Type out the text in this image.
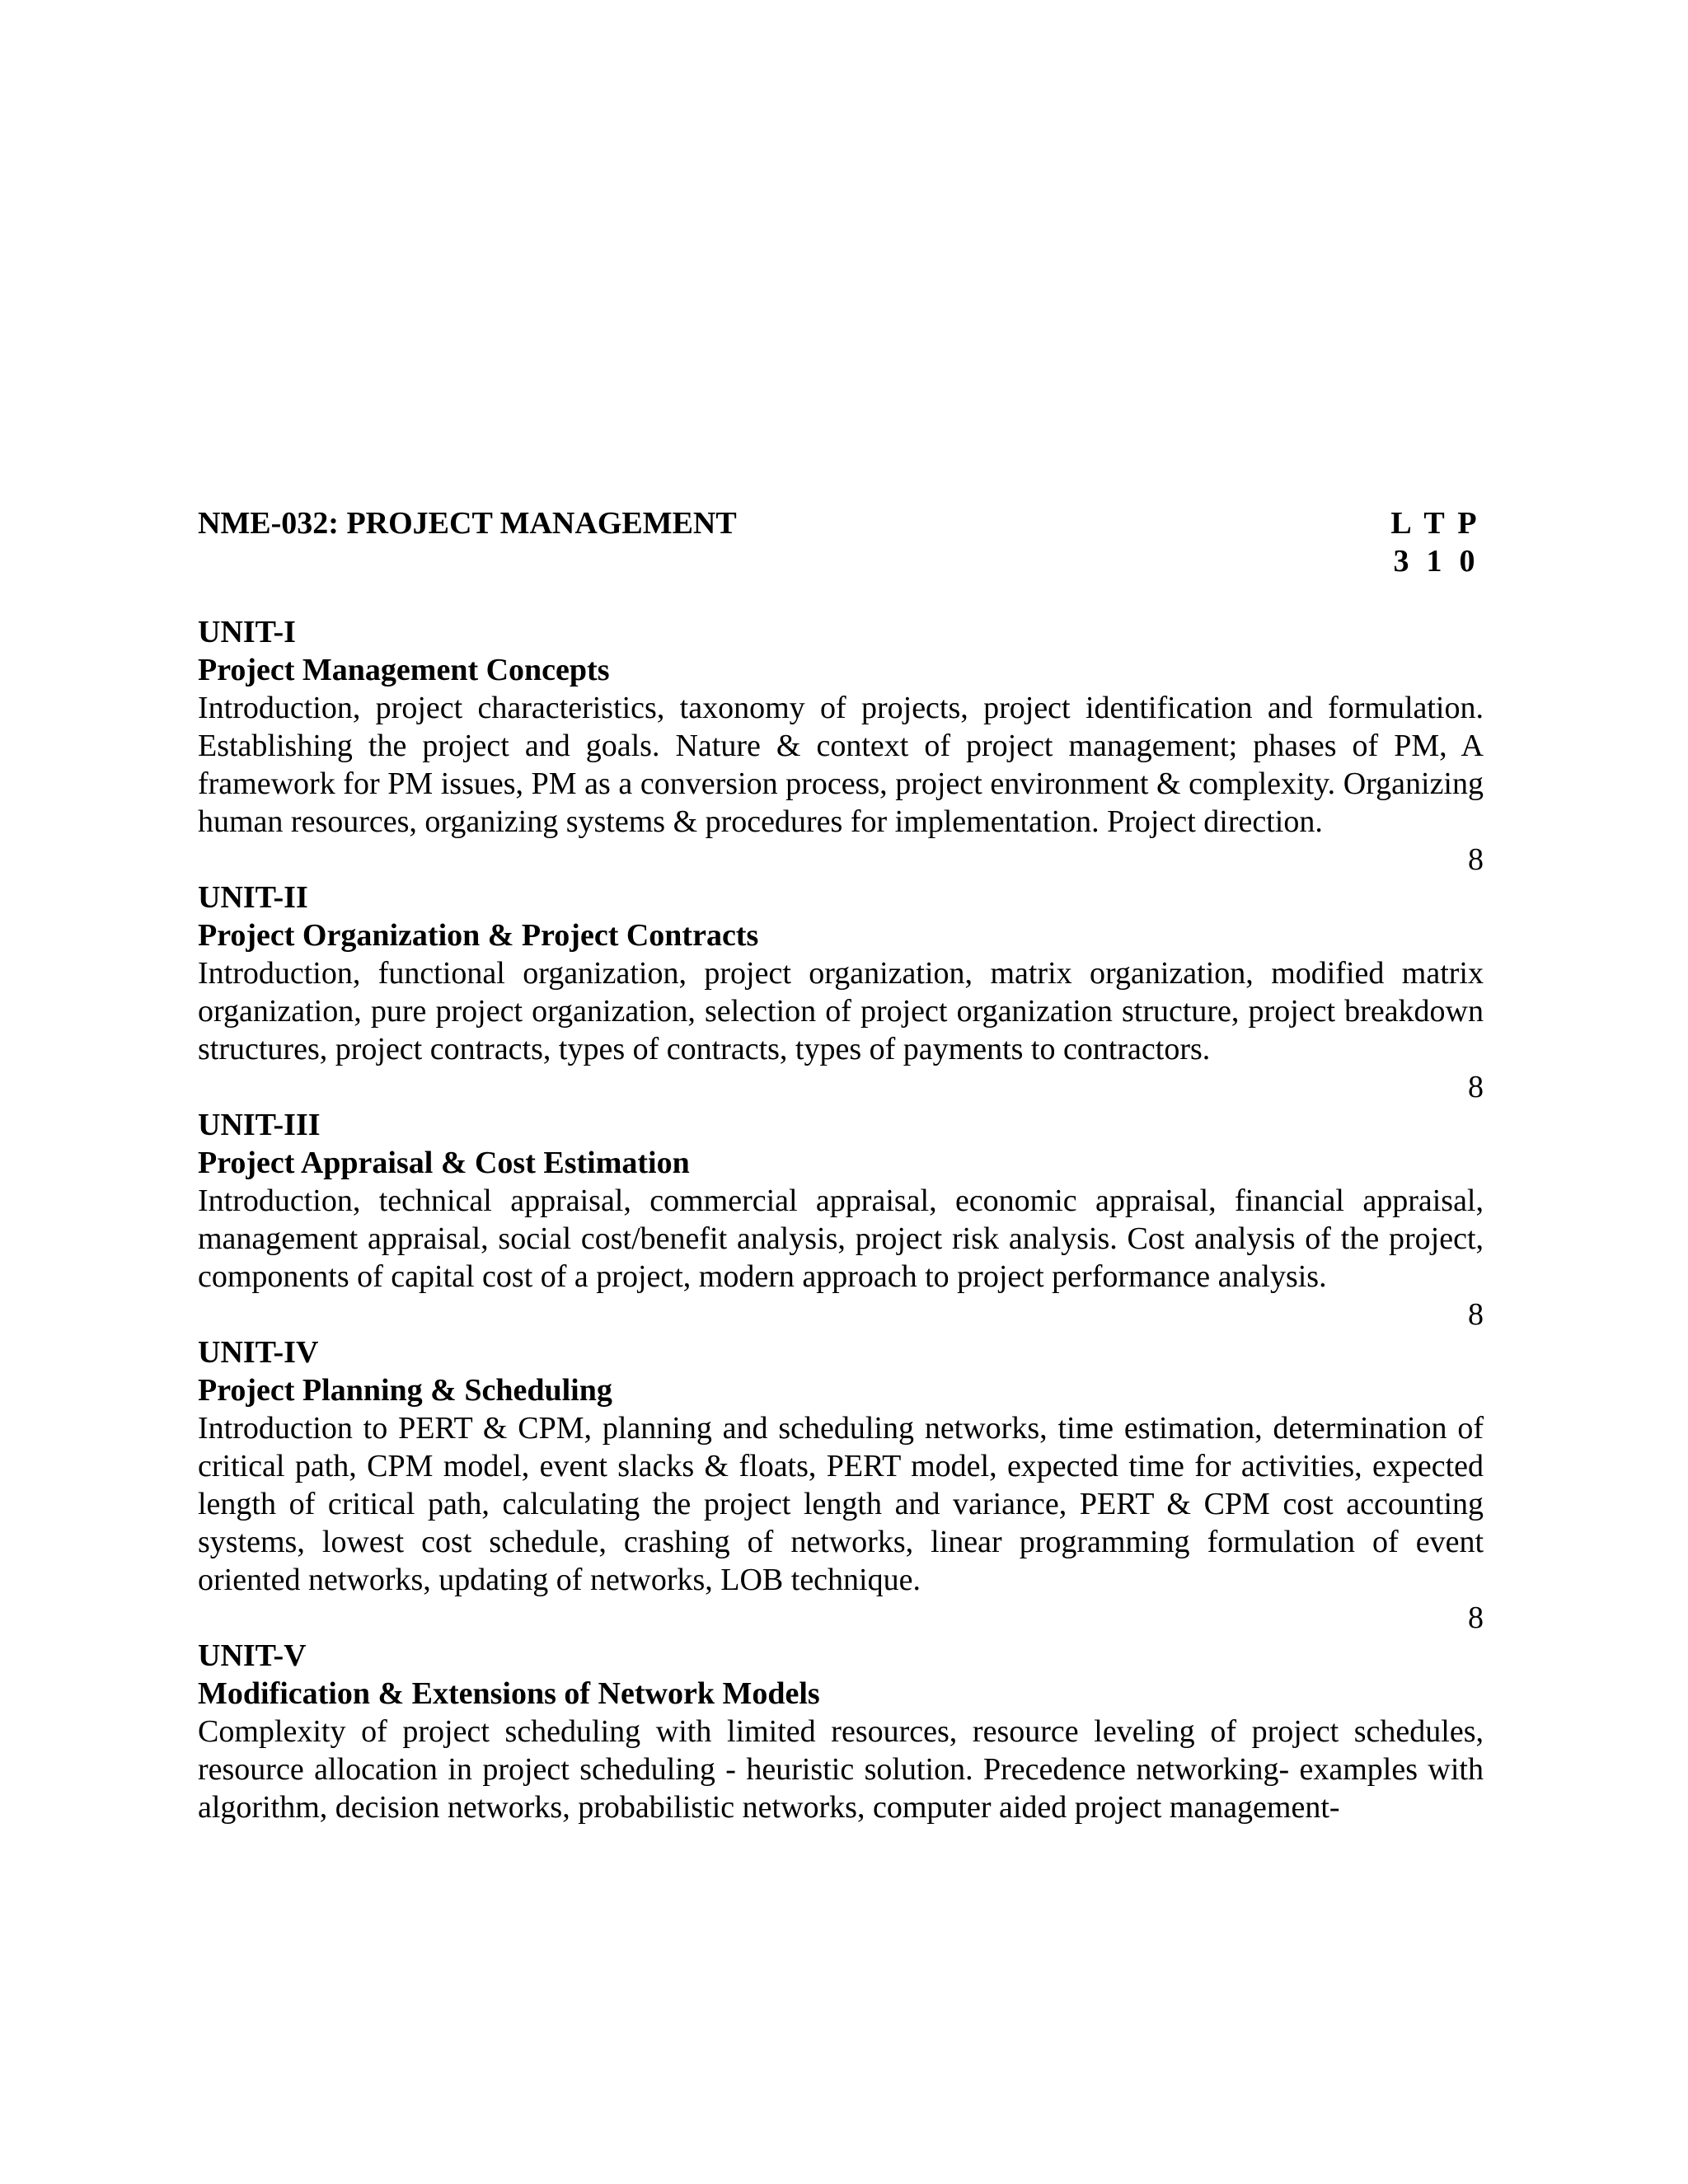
NME-032: PROJECT MANAGEMENT	L T P
3 1 0
UNIT-I
Project Management Concepts

Introduction, project characteristics, taxonomy of projects, project identification and formulation. Establishing the project and goals. Nature & context of project management; phases of PM, A framework for PM issues, PM as a conversion process, project environment & complexity. Organizing human resources, organizing systems & procedures for implementation. Project direction.

8
UNIT-II
Project Organization & Project Contracts

Introduction, functional organization, project organization, matrix organization, modified matrix organization, pure project organization, selection of project organization structure, project breakdown structures, project contracts, types of contracts, types of payments to contractors.

8
UNIT-III
Project Appraisal & Cost Estimation

Introduction, technical appraisal, commercial appraisal, economic appraisal, financial appraisal, management appraisal, social cost/benefit analysis, project risk analysis. Cost analysis of the project, components of capital cost of a project, modern approach to project performance analysis.

8
UNIT-IV
Project Planning & Scheduling

Introduction to PERT & CPM, planning and scheduling networks, time estimation, determination of critical path, CPM model, event slacks & floats, PERT model, expected time for activities, expected length of critical path, calculating the project length and variance, PERT & CPM cost accounting systems, lowest cost schedule, crashing of networks, linear programming formulation of event oriented networks, updating of networks, LOB technique.

8
UNIT-V
Modification & Extensions of Network Models

Complexity of project scheduling with limited resources, resource leveling of project schedules, resource allocation in project scheduling - heuristic solution. Precedence networking- examples with algorithm, decision networks, probabilistic networks, computer aided project management-
